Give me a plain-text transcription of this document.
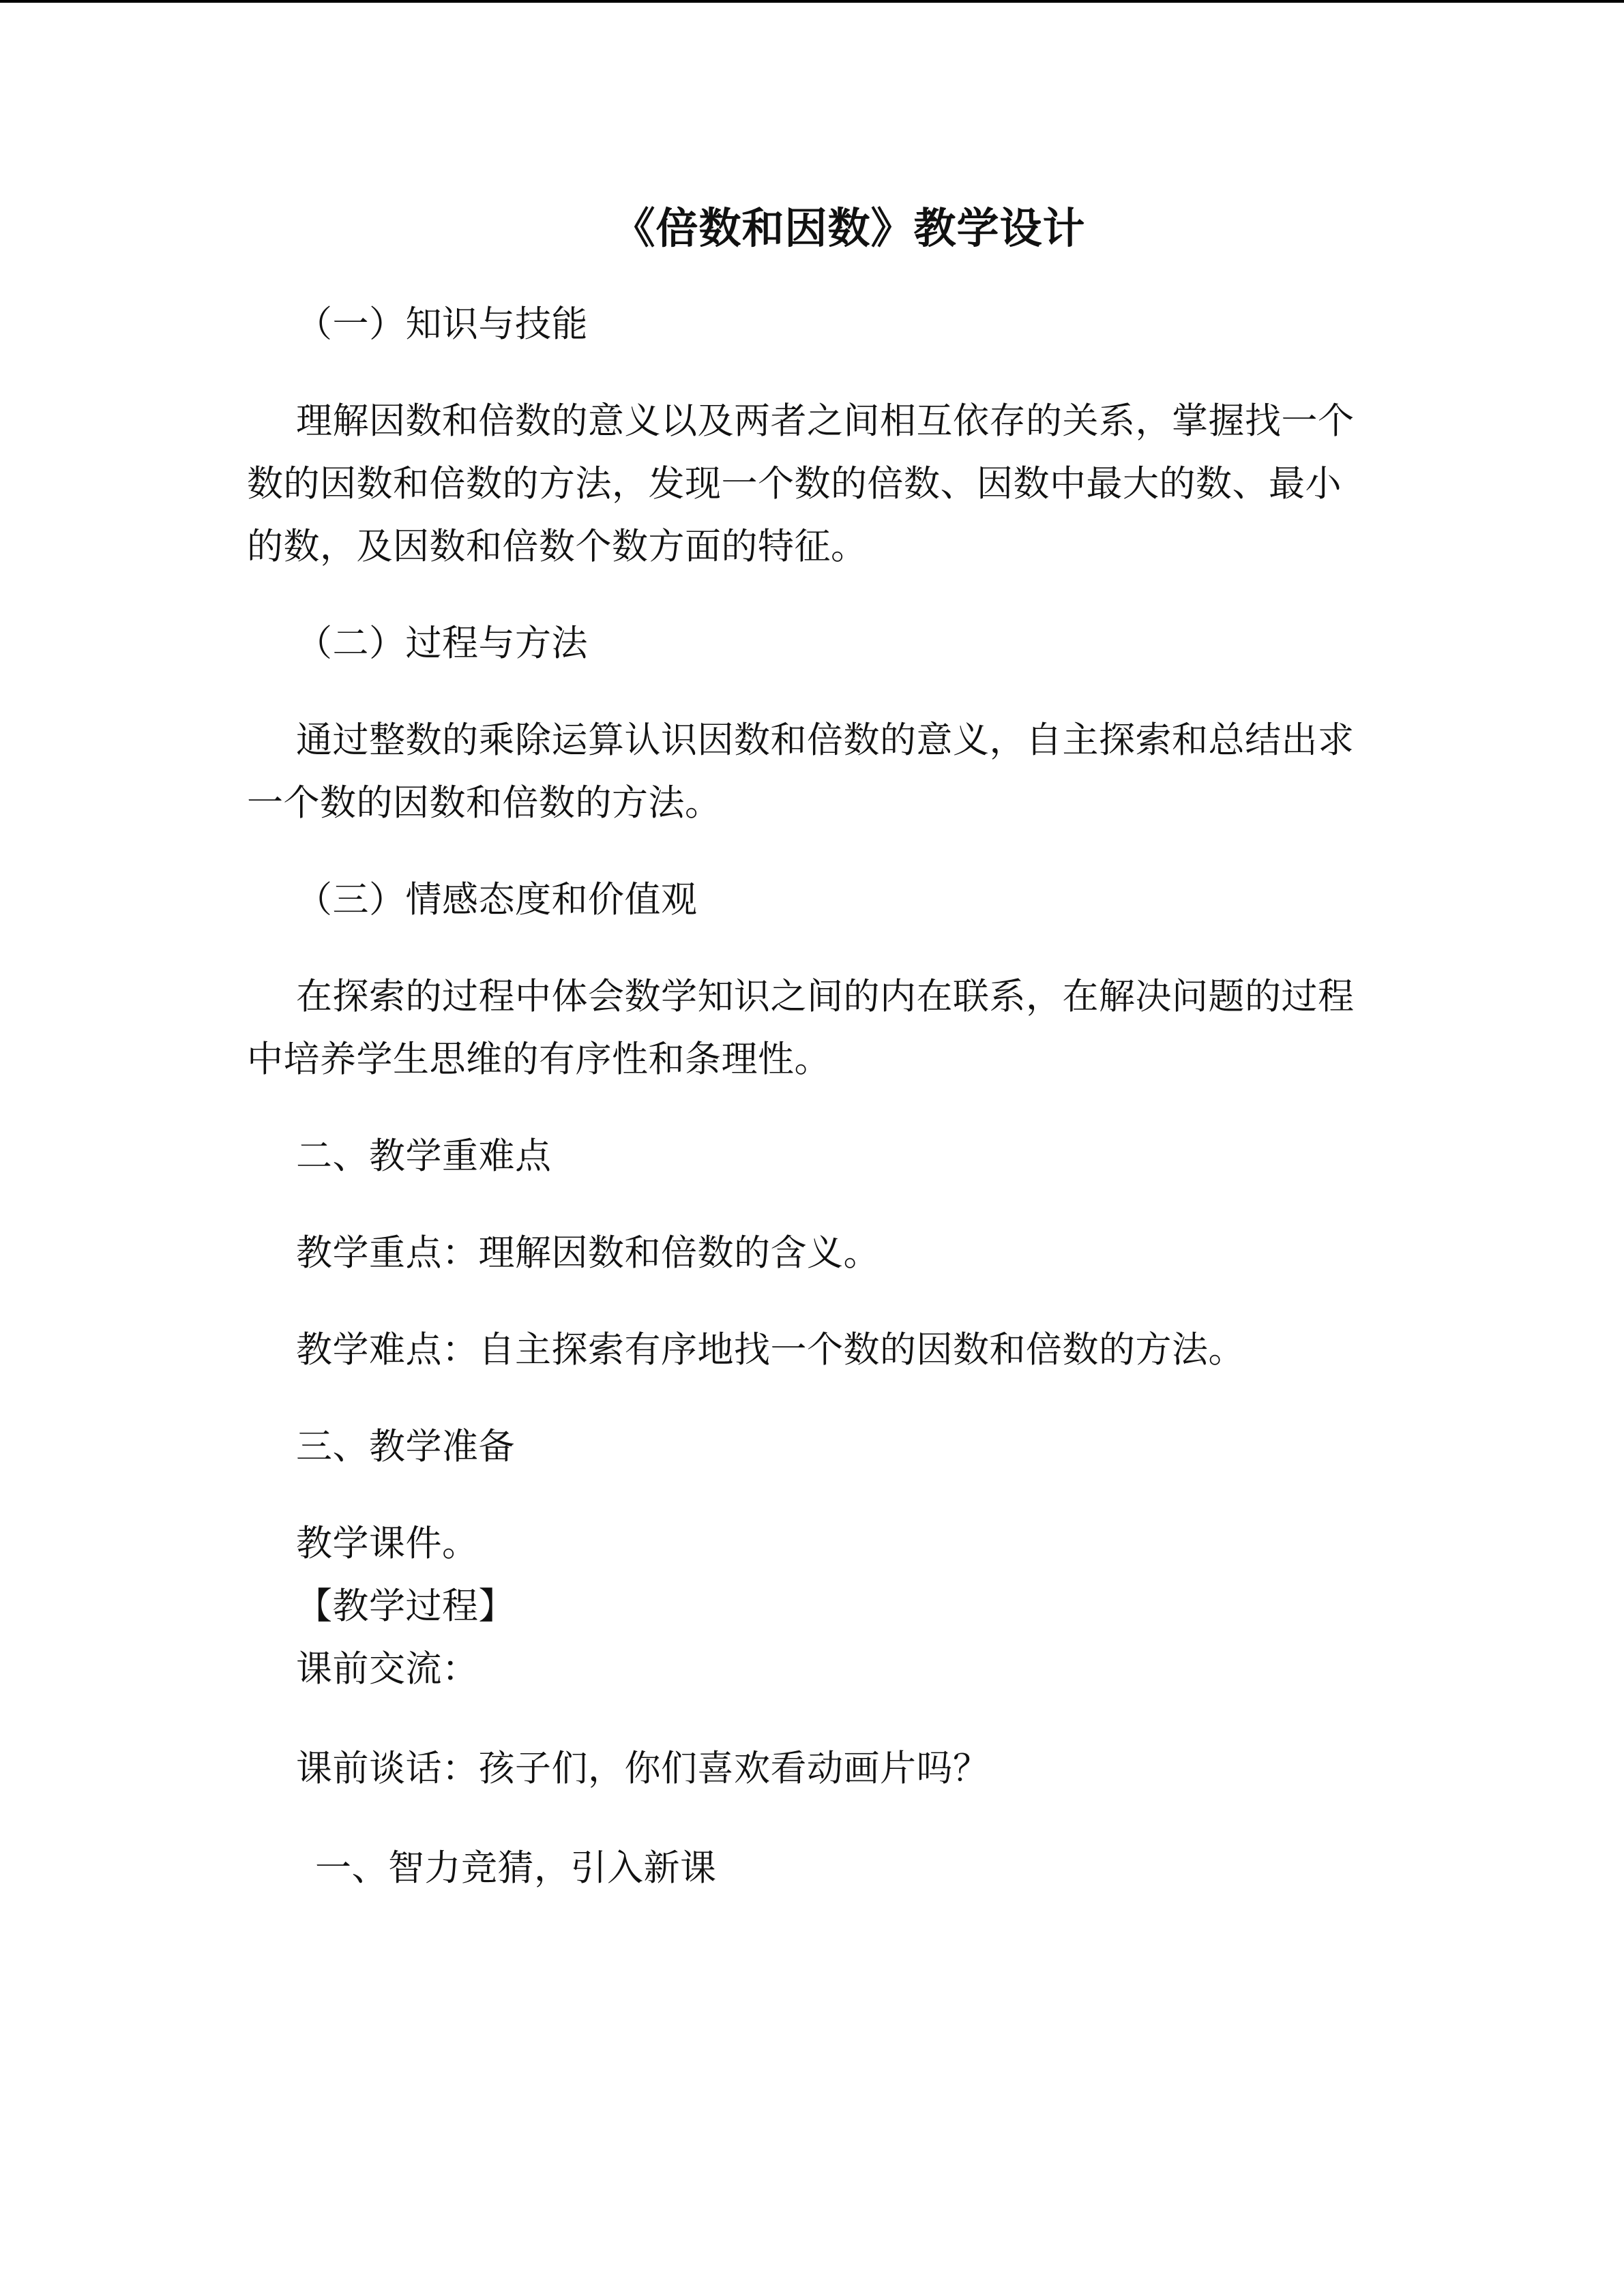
《倍数和因数》教学设计

（一）知识与技能

理解因数和倍数的意义以及两者之间相互依存的关系，掌握找一个数的因数和倍数的方法，发现一个数的倍数、因数中最大的数、最小的数，及因数和倍数个数方面的特征。

（二）过程与方法

通过整数的乘除运算认识因数和倍数的意义，自主探索和总结出求一个数的因数和倍数的方法。

（三）情感态度和价值观

在探索的过程中体会数学知识之间的内在联系，在解决问题的过程中培养学生思维的有序性和条理性。

二、教学重难点

教学重点：理解因数和倍数的含义。

教学难点：自主探索有序地找一个数的因数和倍数的方法。

三、教学准备

教学课件。

【教学过程】

课前交流：

课前谈话：孩子们，你们喜欢看动画片吗？

一、智力竞猜，引入新课
